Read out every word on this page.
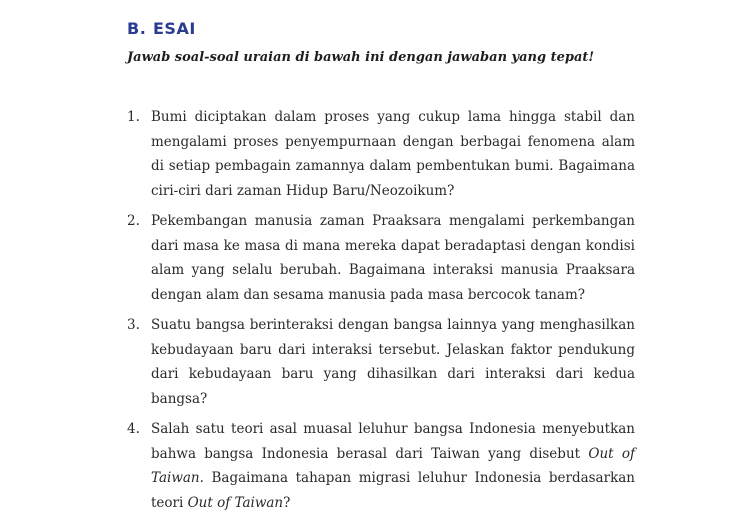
B. ESAI

Jawab soal-soal uraian di bawah ini dengan jawaban yang tepat!

1. Bumi diciptakan dalam proses yang cukup lama hingga stabil dan mengalami proses penyempurnaan dengan berbagai fenomena alam di setiap pembagain zamannya dalam pembentukan bumi. Bagaimana ciri-ciri dari zaman Hidup Baru/Neozoikum?

2. Pekembangan manusia zaman Praaksara mengalami perkembangan dari masa ke masa di mana mereka dapat beradaptasi dengan kondisi alam yang selalu berubah. Bagaimana interaksi manusia Praaksara dengan alam dan sesama manusia pada masa bercocok tanam?

3. Suatu bangsa berinteraksi dengan bangsa lainnya yang menghasilkan kebudayaan baru dari interaksi tersebut. Jelaskan faktor pendukung dari kebudayaan baru yang dihasilkan dari interaksi dari kedua bangsa?

4. Salah satu teori asal muasal leluhur bangsa Indonesia menyebutkan bahwa bangsa Indonesia berasal dari Taiwan yang disebut Out of Taiwan. Bagaimana tahapan migrasi leluhur Indonesia berdasarkan teori Out of Taiwan?
